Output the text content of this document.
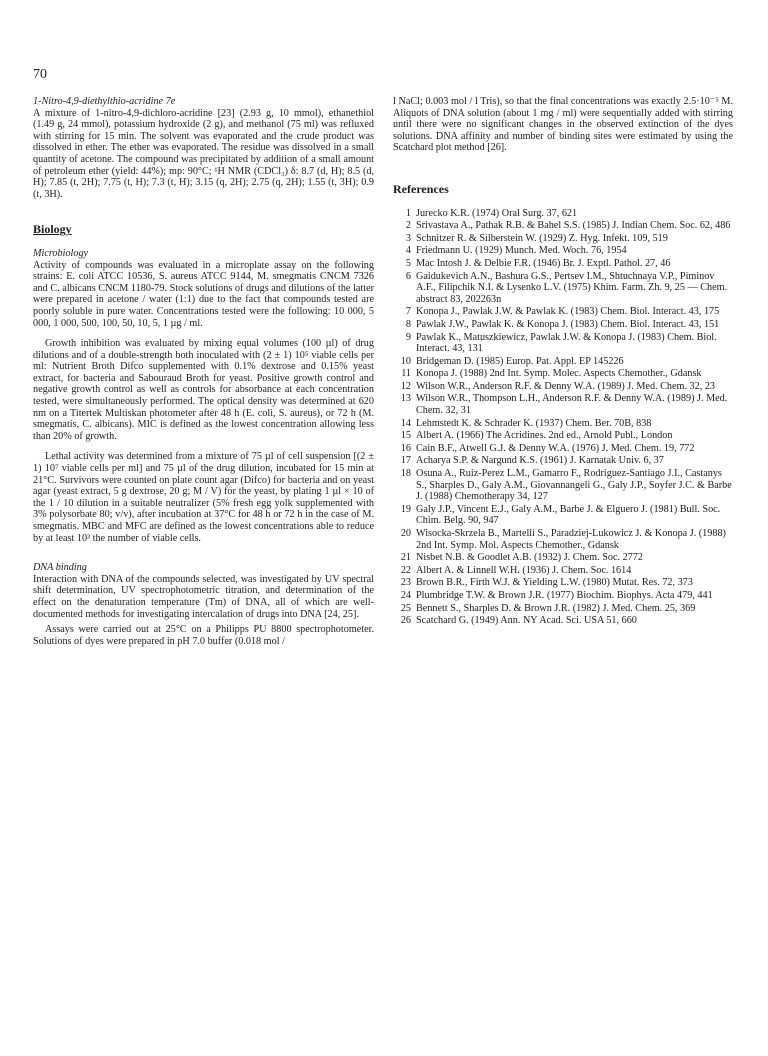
70

1-Nitro-4,9-diethylthio-acridine 7e

A mixture of 1-nitro-4,9-dichloro-acridine [23] (2.93 g, 10 mmol), ethanethiol (1.49 g, 24 mmol), potassium hydroxide (2 g), and methanol (75 ml) was refluxed with stirring for 15 min. The solvent was evaporated and the crude product was dissolved in ether. The ether was evaporated. The residue was dissolved in a small quantity of acetone. The compound was precipitated by addition of a small amount of petroleum ether (yield: 44%); mp: 90°C; ¹H NMR (CDCl₃) δ: 8.7 (d, H); 8.5 (d, H); 7.85 (t, 2H); 7.75 (t, H); 7.3 (t, H); 3.15 (q, 2H); 2.75 (q, 2H); 1.55 (t, 3H); 0.9 (t, 3H).

Biology

Microbiology

Activity of compounds was evaluated in a microplate assay on the following strains: E. coli ATCC 10536, S. aureus ATCC 9144, M. smegmatis CNCM 7326 and C. albicans CNCM 1180-79. Stock solutions of drugs and dilutions of the latter were prepared in acetone / water (1:1) due to the fact that compounds tested are poorly soluble in pure water. Concentrations tested were the following: 10 000, 5 000, 1 000, 500, 100, 50, 10, 5, 1 µg / ml.

Growth inhibition was evaluated by mixing equal volumes (100 µl) of drug dilutions and of a double-strength both inoculated with (2 ± 1) 10⁵ viable cells per ml: Nutrient Broth Difco supplemented with 0.1% dextrose and 0.15% yeast extract, for bacteria and Sabouraud Broth for yeast. Positive growth control and negative growth control as well as controls for absorbance at each concentration tested, were simultaneously performed. The optical density was determined at 620 nm on a Titertek Multiskan photometer after 48 h (E. coli, S. aureus), or 72 h (M. smegmatis, C. albicans). MIC is defined as the lowest concentration allowing less than 20% of growth.

Lethal activity was determined from a mixture of 75 µl of cell suspension [(2 ± 1) 10⁷ viable cells per ml] and 75 µl of the drug dilution, incubated for 15 min at 21°C. Survivors were counted on plate count agar (Difco) for bacteria and on yeast agar (yeast extract, 5 g dextrose, 20 g; M / V) for the yeast, by plating 1 µl × 10 of the 1 / 10 dilution in a suitable neutralizer (5% fresh egg yolk supplemented with 3% polysorbate 80; v/v), after incubation at 37°C for 48 h or 72 h in the case of M. smegmatis. MBC and MFC are defined as the lowest concentrations able to reduce by at least 10³ the number of viable cells.

DNA binding

Interaction with DNA of the compounds selected, was investigated by UV spectral shift determination, UV spectrophotometric titration, and determination of the effect on the denaturation temperature (Tm) of DNA, all of which are well-documented methods for investigating intercalation of drugs into DNA [24, 25].

Assays were carried out at 25°C on a Philipps PU 8800 spectrophotometer. Solutions of dyes were prepared in pH 7.0 buffer (0.018 mol /

l NaCl; 0.003 mol / l Tris), so that the final concentrations was exactly 2.5·10⁻⁵ M. Aliquots of DNA solution (about 1 mg / ml) were sequentially added with stirring until there were no significant changes in the observed extinction of the dyes solutions. DNA affinity and number of binding sites were estimated by using the Scatchard plot method [26].

References
1 Jurecko K.R. (1974) Oral Surg. 37, 621
2 Srivastava A., Pathak R.B. & Bahel S.S. (1985) J. Indian Chem. Soc. 62, 486
3 Schnitzer R. & Silberstein W. (1929) Z. Hyg. Infekt. 109, 519
4 Friedmann U. (1929) Munch. Med. Woch. 76, 1954
5 Mac Intosh J. & Delbie F.R. (1946) Br. J. Exptl. Pathol. 27, 46
6 Gaidukevich A.N., Bashura G.S., Pertsev I.M., Shtuchnaya V.P., Piminov A.F., Filipchik N.I. & Lysenko L.V. (1975) Khim. Farm. Zh. 9, 25 — Chem. abstract 83, 202263n
7 Konopa J., Pawlak J.W. & Pawlak K. (1983) Chem. Biol. Interact. 43, 175
8 Pawlak J.W., Pawlak K. & Konopa J. (1983) Chem. Biol. Interact. 43, 151
9 Pawlak K., Matuszkiewicz, Pawlak J.W. & Konopa J. (1983) Chem. Biol. Interact. 43, 131
10 Bridgeman D. (1985) Europ. Pat. Appl. EP 145226
11 Konopa J. (1988) 2nd Int. Symp. Molec. Aspects Chemother., Gdansk
12 Wilson W.R., Anderson R.F. & Denny W.A. (1989) J. Med. Chem. 32, 23
13 Wilson W.R., Thompson L.H., Anderson R.F. & Denny W.A. (1989) J. Med. Chem. 32, 31
14 Lehmstedt K. & Schrader K. (1937) Chem. Ber. 70B, 838
15 Albert A. (1966) The Acridines. 2nd ed., Arnold Publ., London
16 Cain B.F., Atwell G.J. & Denny W.A. (1976) J. Med. Chem. 19, 772
17 Acharya S.P. & Nargund K.S. (1961) J. Karnatak Univ. 6, 37
18 Osuna A., Ruiz-Perez L.M., Gamarro F., Rodriguez-Santiago J.I., Castanys S., Sharples D., Galy A.M., Giovannangeli G., Galy J.P., Soyfer J.C. & Barbe J. (1988) Chemotherapy 34, 127
19 Galy J.P., Vincent E.J., Galy A.M., Barbe J. & Elguero J. (1981) Bull. Soc. Chim. Belg. 90, 947
20 Wisocka-Skrzela B., Martelli S., Paradziej-Lukowicz J. & Konopa J. (1988) 2nd Int. Symp. Mol. Aspects Chemother., Gdansk
21 Nisbet N.B. & Goodlet A.B. (1932) J. Chem. Soc. 2772
22 Albert A. & Linnell W.H. (1936) J. Chem. Soc. 1614
23 Brown B.R., Firth W.J. & Yielding L.W. (1980) Mutat. Res. 72, 373
24 Plumbridge T.W. & Brown J.R. (1977) Biochim. Biophys. Acta 479, 441
25 Bennett S., Sharples D. & Brown J.R. (1982) J. Med. Chem. 25, 369
26 Scatchard G. (1949) Ann. NY Acad. Sci. USA 51, 660
